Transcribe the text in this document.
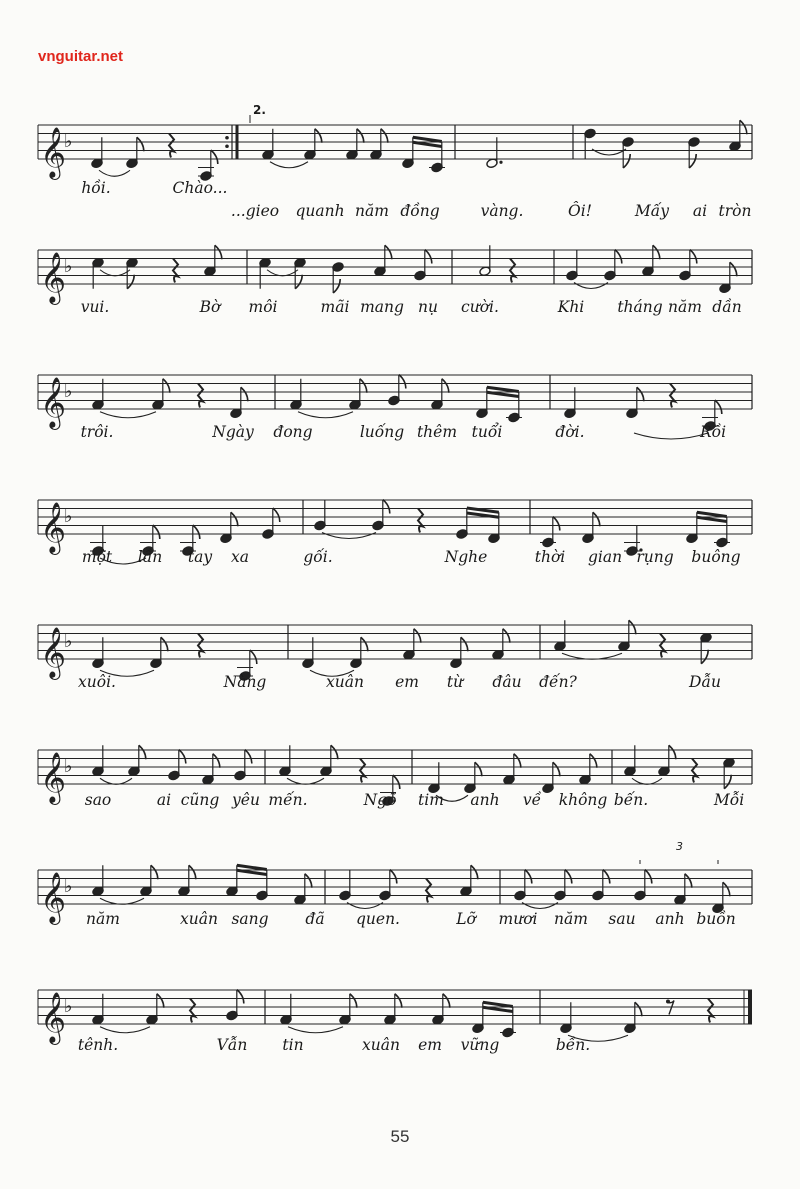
vnguitar.net
𝄞
♭
hồi.	Chào...
...gieo quanh năm đồng	vàng.	Ôi!	Mấy ai tròn
2.
𝄞
♭
vui.	Bờ môi	mãi mang nụ cười.	Khi tháng năm dần
𝄞
♭
trôi.	Ngày đong	luống thêm tuổi	đời.	Rồi
𝄞
♭
một lần tay xa	gối.	Nghe	thời gian rụng buông
𝄞
♭
xuôi.	Nàng	xuân em từ đâu đến?	Dẫu
𝄞
♭
sao	ai cũng yêu mến.	Ngõ tim anh về không bến.	Mỗi
𝄞
♭
năm	xuân sang đã quen.	Lỡ mươi năm sau anh buồn
3
𝄞
♭
tênh.	Vẫn tin	xuân em vững	bền.
55
